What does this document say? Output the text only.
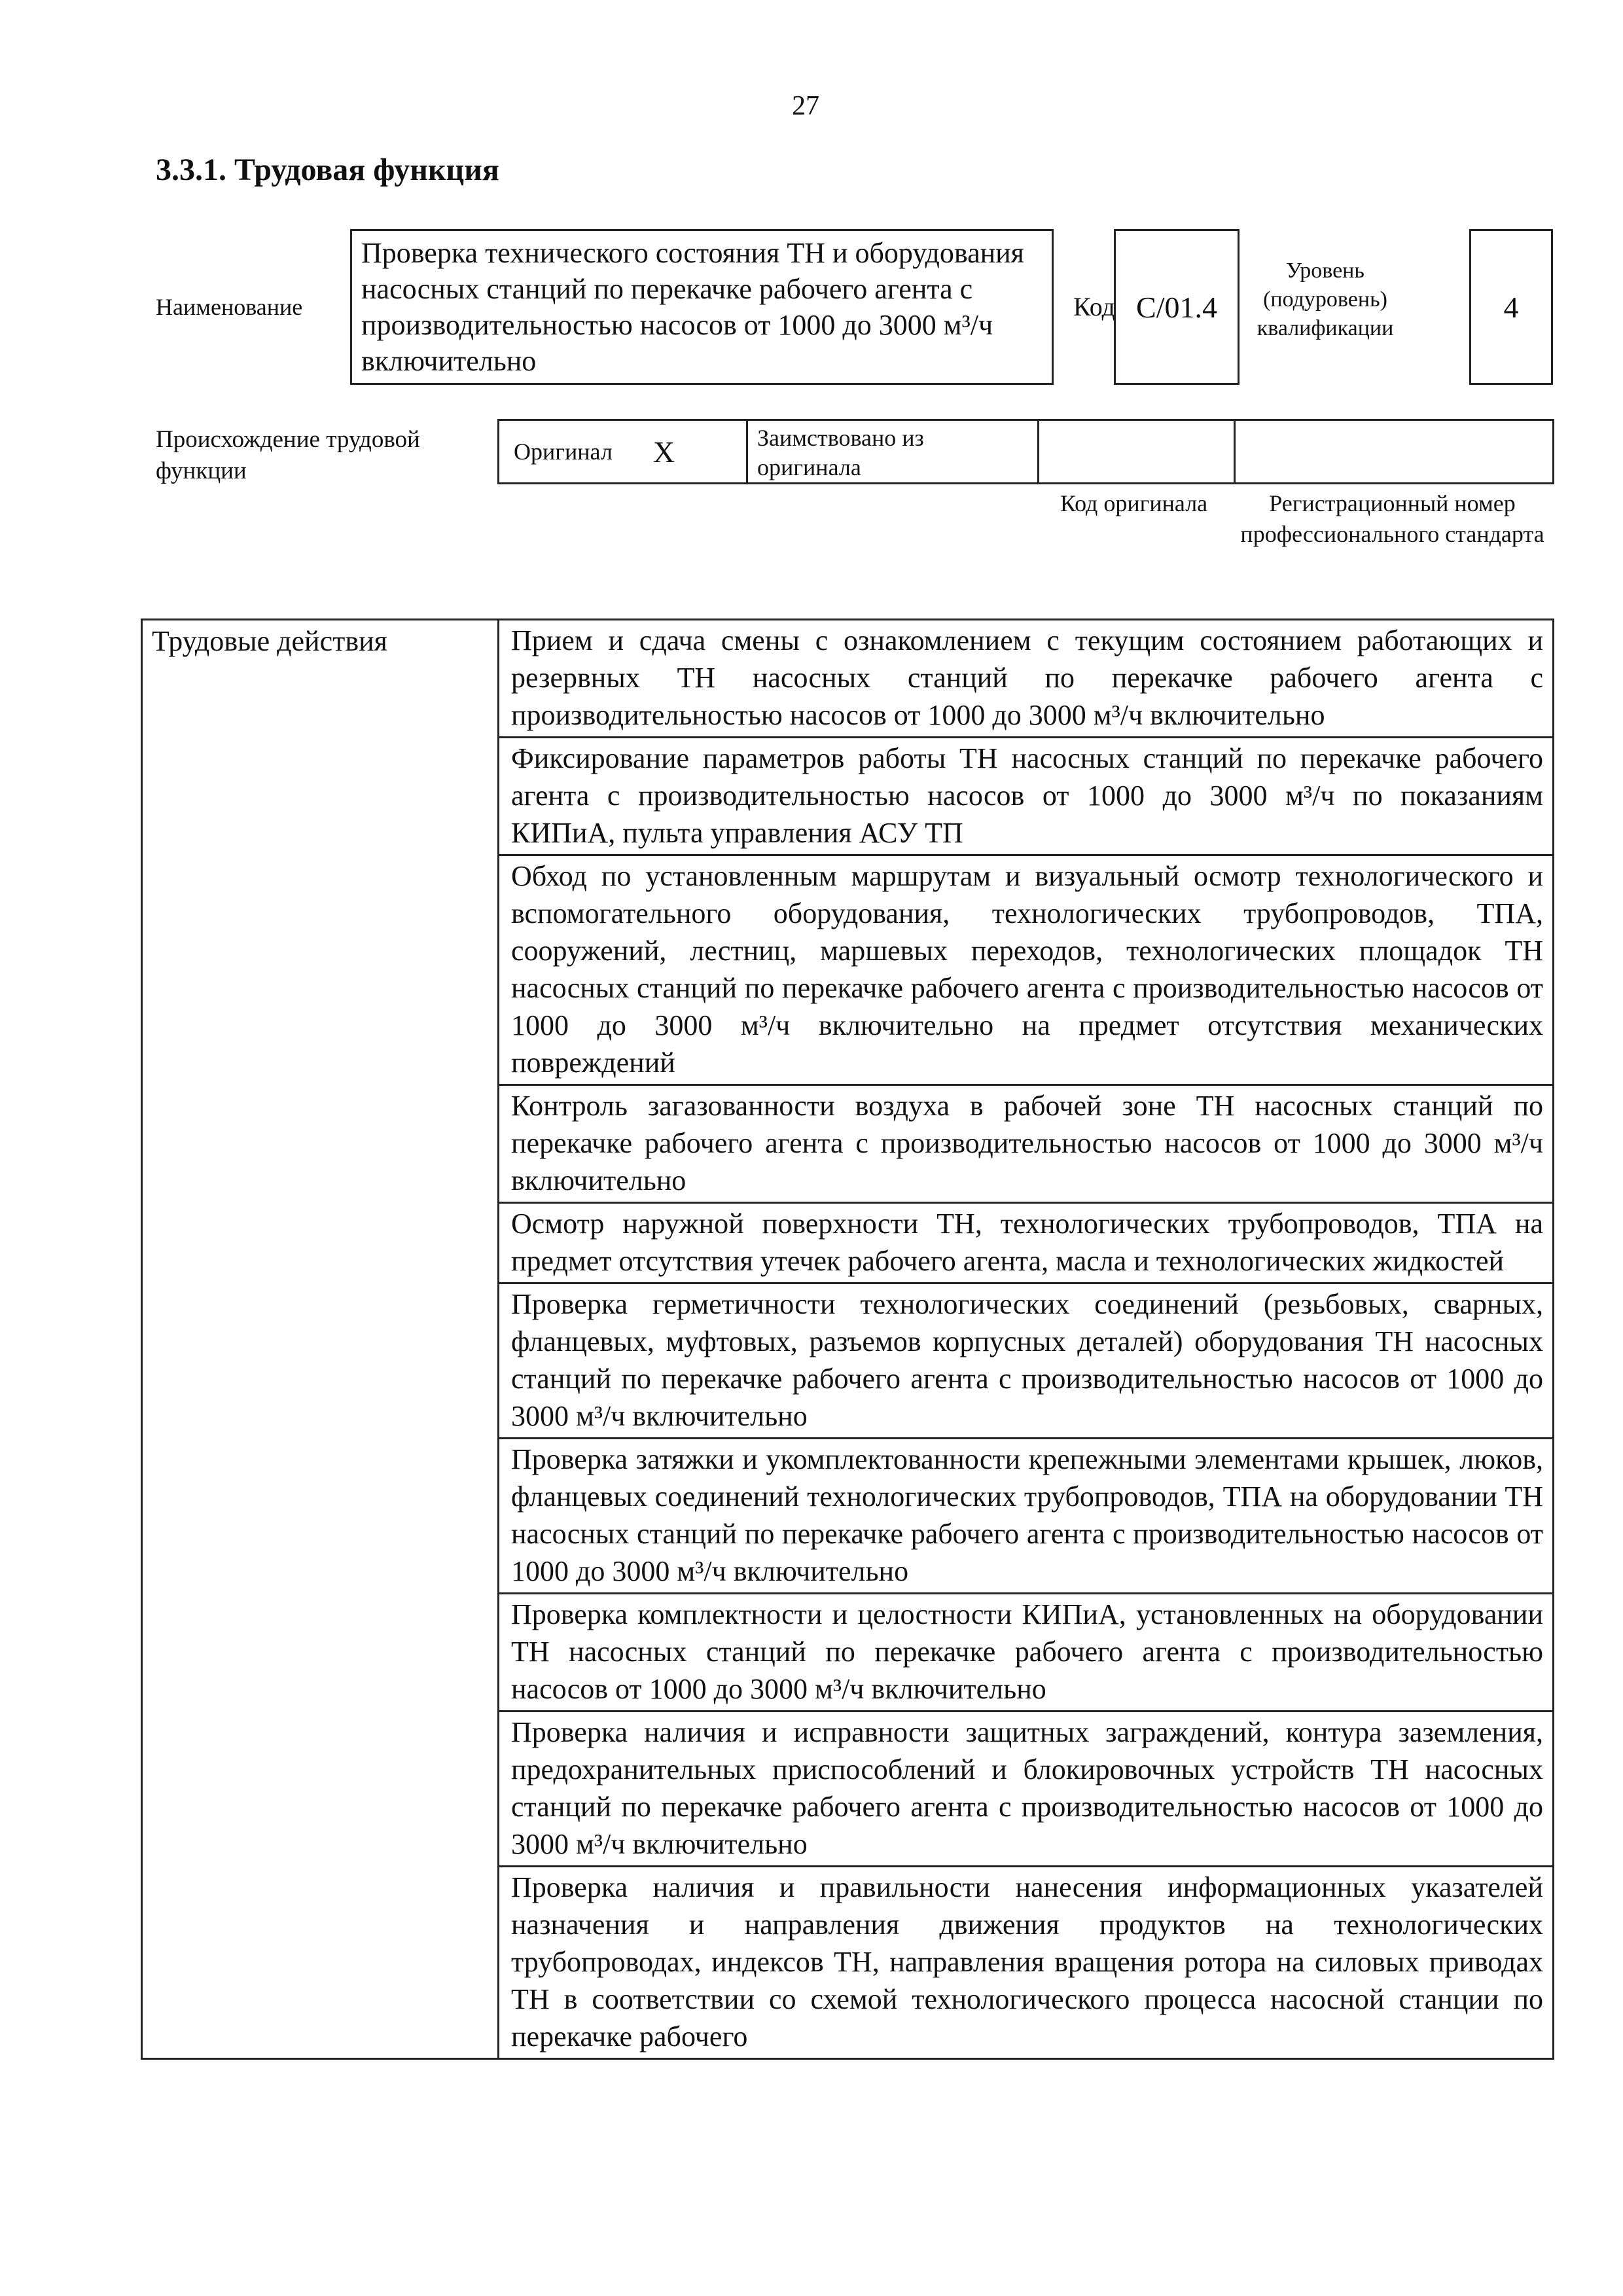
27
3.3.1. Трудовая функция
Наименование
Проверка технического состояния ТН и оборудования насосных станций по перекачке рабочего агента с производительностью насосов от 1000 до 3000 м³/ч включительно
Код C/01.4
Уровень (подуровень) квалификации
4
Происхождение трудовой функции
Оригинал X	Заимствовано из оригинала
Код оригинала	Регистрационный номер профессионального стандарта
Трудовые действия	Прием и сдача смены с ознакомлением с текущим состоянием работающих и резервных ТН насосных станций по перекачке рабочего агента с производительностью насосов от 1000 до 3000 м³/ч включительно
Фиксирование параметров работы ТН насосных станций по перекачке рабочего агента с производительностью насосов от 1000 до 3000 м³/ч по показаниям КИПиА, пульта управления АСУ ТП
Обход по установленным маршрутам и визуальный осмотр технологического и вспомогательного оборудования, технологических трубопроводов, ТПА, сооружений, лестниц, маршевых переходов, технологических площадок ТН насосных станций по перекачке рабочего агента с производительностью насосов от 1000 до 3000 м³/ч включительно на предмет отсутствия механических повреждений
Контроль загазованности воздуха в рабочей зоне ТН насосных станций по перекачке рабочего агента с производительностью насосов от 1000 до 3000 м³/ч включительно
Осмотр наружной поверхности ТН, технологических трубопроводов, ТПА на предмет отсутствия утечек рабочего агента, масла и технологических жидкостей
Проверка герметичности технологических соединений (резьбовых, сварных, фланцевых, муфтовых, разъемов корпусных деталей) оборудования ТН насосных станций по перекачке рабочего агента с производительностью насосов от 1000 до 3000 м³/ч включительно
Проверка затяжки и укомплектованности крепежными элементами крышек, люков, фланцевых соединений технологических трубопроводов, ТПА на оборудовании ТН насосных станций по перекачке рабочего агента с производительностью насосов от 1000 до 3000 м³/ч включительно
Проверка комплектности и целостности КИПиА, установленных на оборудовании ТН насосных станций по перекачке рабочего агента с производительностью насосов от 1000 до 3000 м³/ч включительно
Проверка наличия и исправности защитных заграждений, контура заземления, предохранительных приспособлений и блокировочных устройств ТН насосных станций по перекачке рабочего агента с производительностью насосов от 1000 до 3000 м³/ч включительно
Проверка наличия и правильности нанесения информационных указателей назначения и направления движения продуктов на технологических трубопроводах, индексов ТН, направления вращения ротора на силовых приводах ТН в соответствии со схемой технологического процесса насосной станции по перекачке рабочего
